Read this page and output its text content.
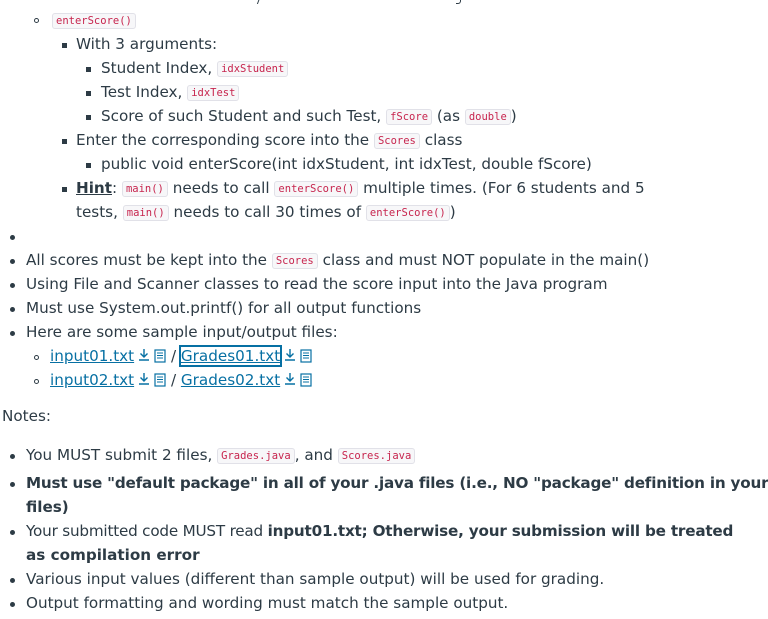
enterScore()
With 3 arguments:
Student Index, idxStudent
Test Index, idxTest
Score of such Student and such Test, fScore (as double )
Enter the corresponding score into the Scores class
public void enterScore(int idxStudent, int idxTest, double fScore)
Hint: main() needs to call enterScore() multiple times. (For 6 students and 5
tests, main() needs to call 30 times of enterScore() )
All scores must be kept into the Scores class and must NOT populate in the main()
Using File and Scanner classes to read the score input into the Java program
Must use System.out.printf() for all output functions
Here are some sample input/output files:
input01.txt / Grades01.txt
input02.txt / Grades02.txt
Notes:
You MUST submit 2 files, Grades.java , and Scores.java
Must use "default package" in all of your .java files (i.e., NO "package" definition in your
files)
Your submitted code MUST read input01.txt; Otherwise, your submission will be treated
as compilation error
Various input values (different than sample output) will be used for grading.
Output formatting and wording must match the sample output.
